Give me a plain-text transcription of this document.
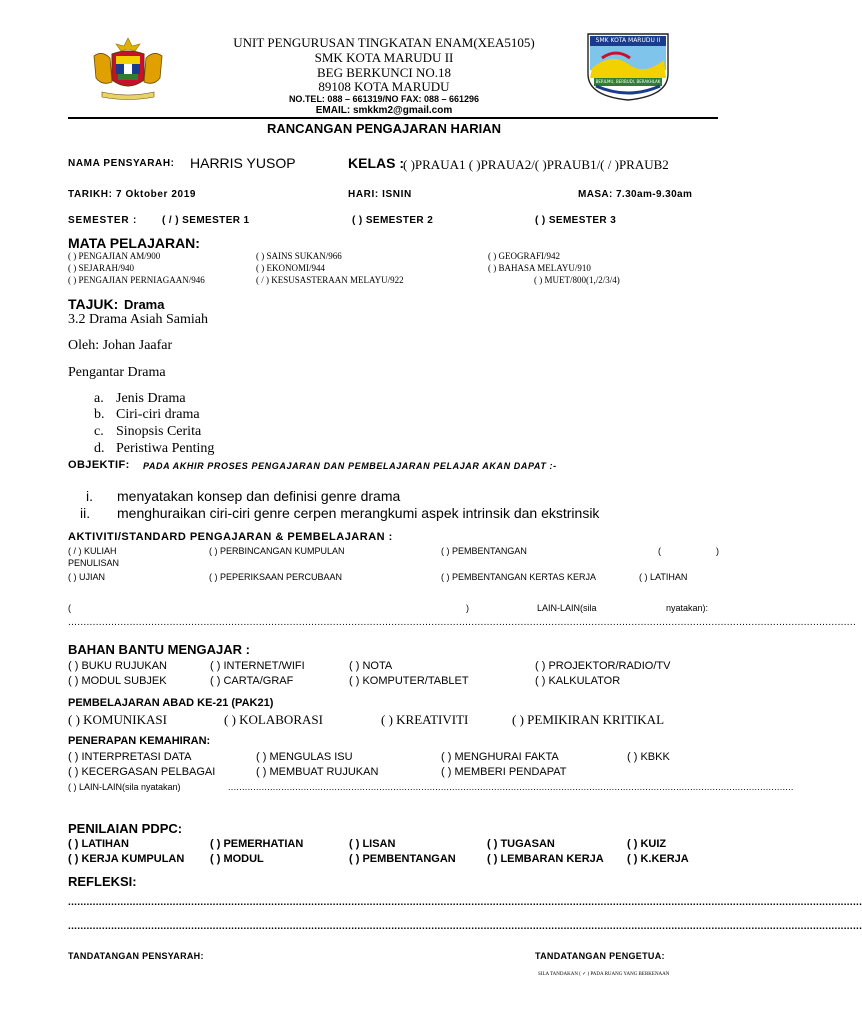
UNIT PENGURUSAN TINGKATAN ENAM(XEA5105)
SMK KOTA MARUDU II
BEG BERKUNCI NO.18
89108 KOTA MARUDU
NO.TEL: 088 – 661319/NO FAX: 088 – 661296
EMAIL: smkkm2@gmail.com
SMK KOTA MARUDU II
BERILMU, BERBUDI, BERAKHLAK
RANCANGAN PENGAJARAN HARIAN
NAMA PENSYARAH: HARRIS YUSOP	KELAS : ( )PRAUA1 ( )PRAUA2/( )PRAUB1/( / )PRAUB2
TARIKH: 7 Oktober 2019	HARI: ISNIN	MASA: 7.30am-9.30am
SEMESTER : ( / ) SEMESTER 1	( ) SEMESTER 2	( ) SEMESTER 3
MATA PELAJARAN:
( ) PENGAJIAN AM/900	( ) SAINS SUKAN/966	( ) GEOGRAFI/942
( ) SEJARAH/940	( ) EKONOMI/944	( ) BAHASA MELAYU/910
( ) PENGAJIAN PERNIAGAAN/946	( / ) KESUSASTERAAN MELAYU/922	( ) MUET/800(1,/2/3/4)
TAJUK: Drama
3.2 Drama Asiah Samiah
Oleh: Johan Jaafar
Pengantar Drama
a. Jenis Drama
b. Ciri-ciri drama
c. Sinopsis Cerita
d. Peristiwa Penting
OBJEKTIF: PADA AKHIR PROSES PENGAJARAN DAN PEMBELAJARAN PELAJAR AKAN DAPAT :-
i. menyatakan konsep dan definisi genre drama
ii. menghuraikan ciri-ciri genre cerpen merangkumi aspek intrinsik dan ekstrinsik
AKTIVITI/STANDARD PENGAJARAN & PEMBELAJARAN :
( / ) KULIAH	( ) PERBINCANGAN KUMPULAN	( ) PEMBENTANGAN	(	)
PENULISAN
( ) UJIAN	( ) PEPERIKSAAN PERCUBAAN	( ) PEMBENTANGAN KERTAS KERJA	( ) LATIHAN
(	)	LAIN-LAIN(sila	nyatakan):
................................................................................................................................................................................................................................................................
BAHAN BANTU MENGAJAR :
( ) BUKU RUJUKAN	( ) INTERNET/WIFI	( ) NOTA	( ) PROJEKTOR/RADIO/TV
( ) MODUL SUBJEK	( ) CARTA/GRAF	( ) KOMPUTER/TABLET	( ) KALKULATOR
PEMBELAJARAN ABAD KE-21 (PAK21)
( ) KOMUNIKASI	( ) KOLABORASI	( ) KREATIVITI	( ) PEMIKIRAN KRITIKAL
PENERAPAN KEMAHIRAN:
( ) INTERPRETASI DATA	( ) MENGULAS ISU	( ) MENGHURAI FAKTA	( ) KBKK
( ) KECERGASAN PELBAGAI	( ) MEMBUAT RUJUKAN	( ) MEMBERI PENDAPAT
( ) LAIN-LAIN(sila nyatakan)	..........................................................................................................................................................................................................
PENILAIAN PDPC:
( ) LATIHAN	( ) PEMERHATIAN	( ) LISAN	( ) TUGASAN	( ) KUIZ
( ) KERJA KUMPULAN ( ) MODUL	( ) PEMBENTANGAN	( ) LEMBARAN KERJA ( ) K.KERJA
REFLEKSI:
..................................................................................................................................................................................................................................................................
..................................................................................................................................................................................................................................................................
TANDATANGAN PENSYARAH:	TANDATANGAN PENGETUA:
SILA TANDAKAN ( ✓ ) PADA RUANG YANG BERKENAAN
